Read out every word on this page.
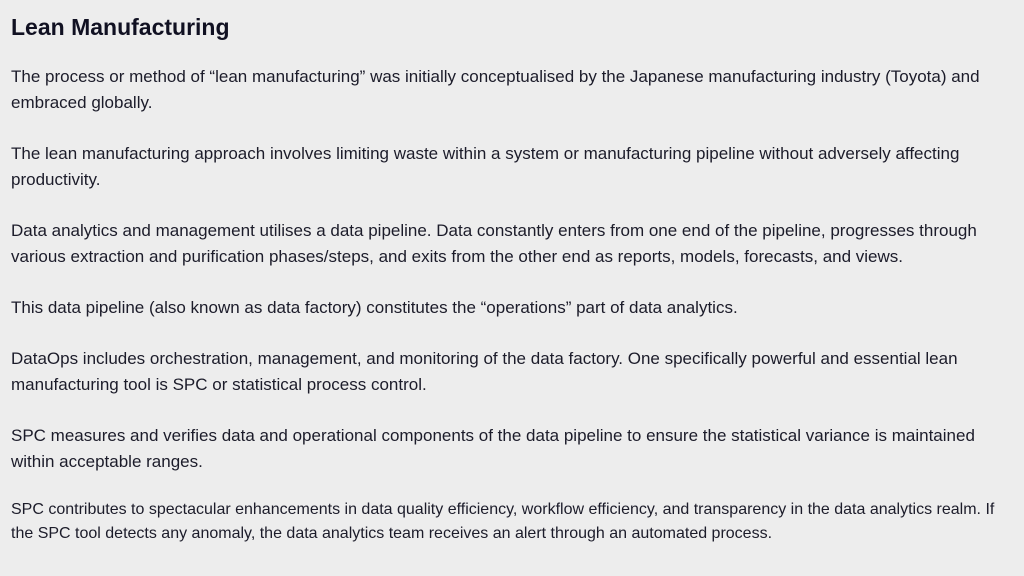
Lean Manufacturing

The process or method of “lean manufacturing” was initially conceptualised by the Japanese manufacturing industry (Toyota) and embraced globally.

The lean manufacturing approach involves limiting waste within a system or manufacturing pipeline without adversely affecting productivity.

Data analytics and management utilises a data pipeline. Data constantly enters from one end of the pipeline, progresses through various extraction and purification phases/steps, and exits from the other end as reports, models, forecasts, and views.

This data pipeline (also known as data factory) constitutes the “operations” part of data analytics.

DataOps includes orchestration, management, and monitoring of the data factory. One specifically powerful and essential lean manufacturing tool is SPC or statistical process control.

SPC measures and verifies data and operational components of the data pipeline to ensure the statistical variance is maintained within acceptable ranges.

SPC contributes to spectacular enhancements in data quality efficiency, workflow efficiency, and transparency in the data analytics realm. If the SPC tool detects any anomaly, the data analytics team receives an alert through an automated process.
